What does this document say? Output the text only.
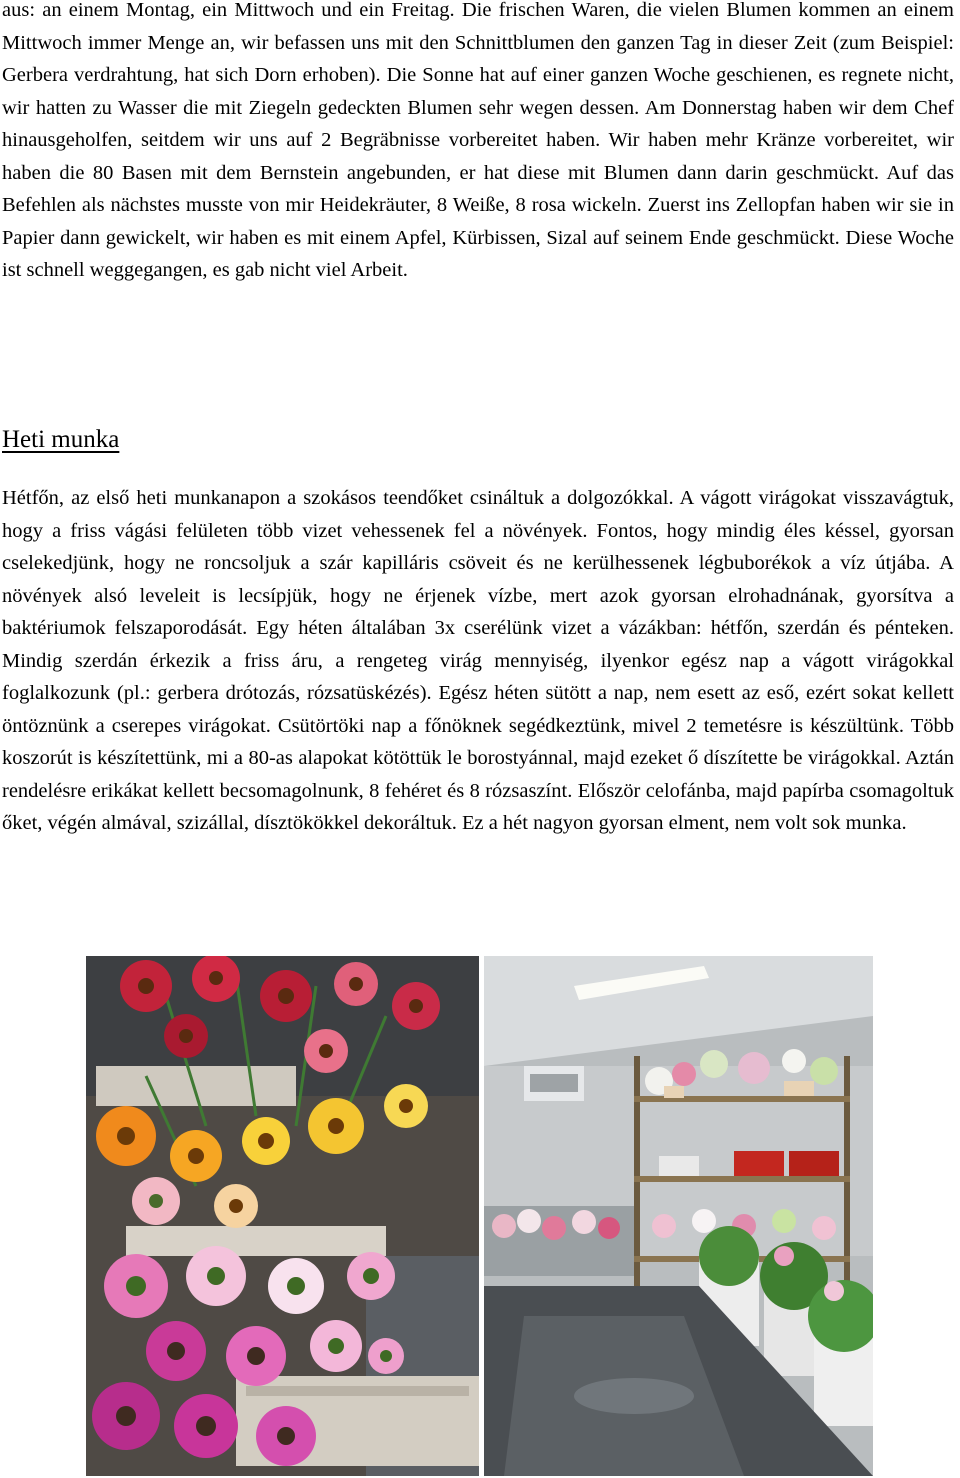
aus: an einem Montag, ein Mittwoch und ein Freitag. Die frischen Waren, die vielen Blumen kommen an einem Mittwoch immer Menge an, wir befassen uns mit den Schnittblumen den ganzen Tag in dieser Zeit (zum Beispiel: Gerbera verdrahtung, hat sich Dorn erhoben). Die Sonne hat auf einer ganzen Woche geschienen, es regnete nicht, wir hatten zu Wasser die mit Ziegeln gedeckten Blumen sehr wegen dessen. Am Donnerstag haben wir dem Chef hinausgeholfen, seitdem wir uns auf 2 Begräbnisse vorbereitet haben. Wir haben mehr Kränze vorbereitet, wir haben die 80 Basen mit dem Bernstein angebunden, er hat diese mit Blumen dann darin geschmückt. Auf das Befehlen als nächstes musste von mir Heidekräuter, 8 Weiße, 8 rosa wickeln. Zuerst ins Zellopfan haben wir sie in Papier dann gewickelt, wir haben es mit einem Apfel, Kürbissen, Sizal auf seinem Ende geschmückt. Diese Woche ist schnell weggegangen, es gab nicht viel Arbeit.

Heti munka

Hétfőn, az első heti munkanapon a szokásos teendőket csináltuk a dolgozókkal. A vágott virágokat visszavágtuk, hogy a friss vágási felületen több vizet vehessenek fel a növények. Fontos, hogy mindig éles késsel, gyorsan cselekedjünk, hogy ne roncsoljuk a szár kapilláris csöveit és ne kerülhessenek légbuborékok a víz útjába. A növények alsó leveleit is lecsípjük, hogy ne érjenek vízbe, mert azok gyorsan elrohadnának, gyorsítva a baktériumok felszaporodását. Egy héten általában 3x cserélünk vizet a vázákban: hétfőn, szerdán és pénteken. Mindig szerdán érkezik a friss áru, a rengeteg virág mennyiség, ilyenkor egész nap a vágott virágokkal foglalkozunk (pl.: gerbera drótozás, rózsatüskézés). Egész héten sütött a nap, nem esett az eső, ezért sokat kellett öntöznünk a cserepes virágokat. Csütörtöki nap a főnöknek segédkeztünk, mivel 2 temetésre is készültünk. Több koszorút is készítettünk, mi a 80-as alapokat kötöttük le borostyánnal, majd ezeket ő díszítette be virágokkal. Aztán rendelésre erikákat kellett becsomagolnunk, 8 fehéret és 8 rózsaszínt. Először celofánba, majd papírba csomagoltuk őket, végén almával, szizállal, dísztökökkel dekoráltuk. Ez a hét nagyon gyorsan elment, nem volt sok munka.
